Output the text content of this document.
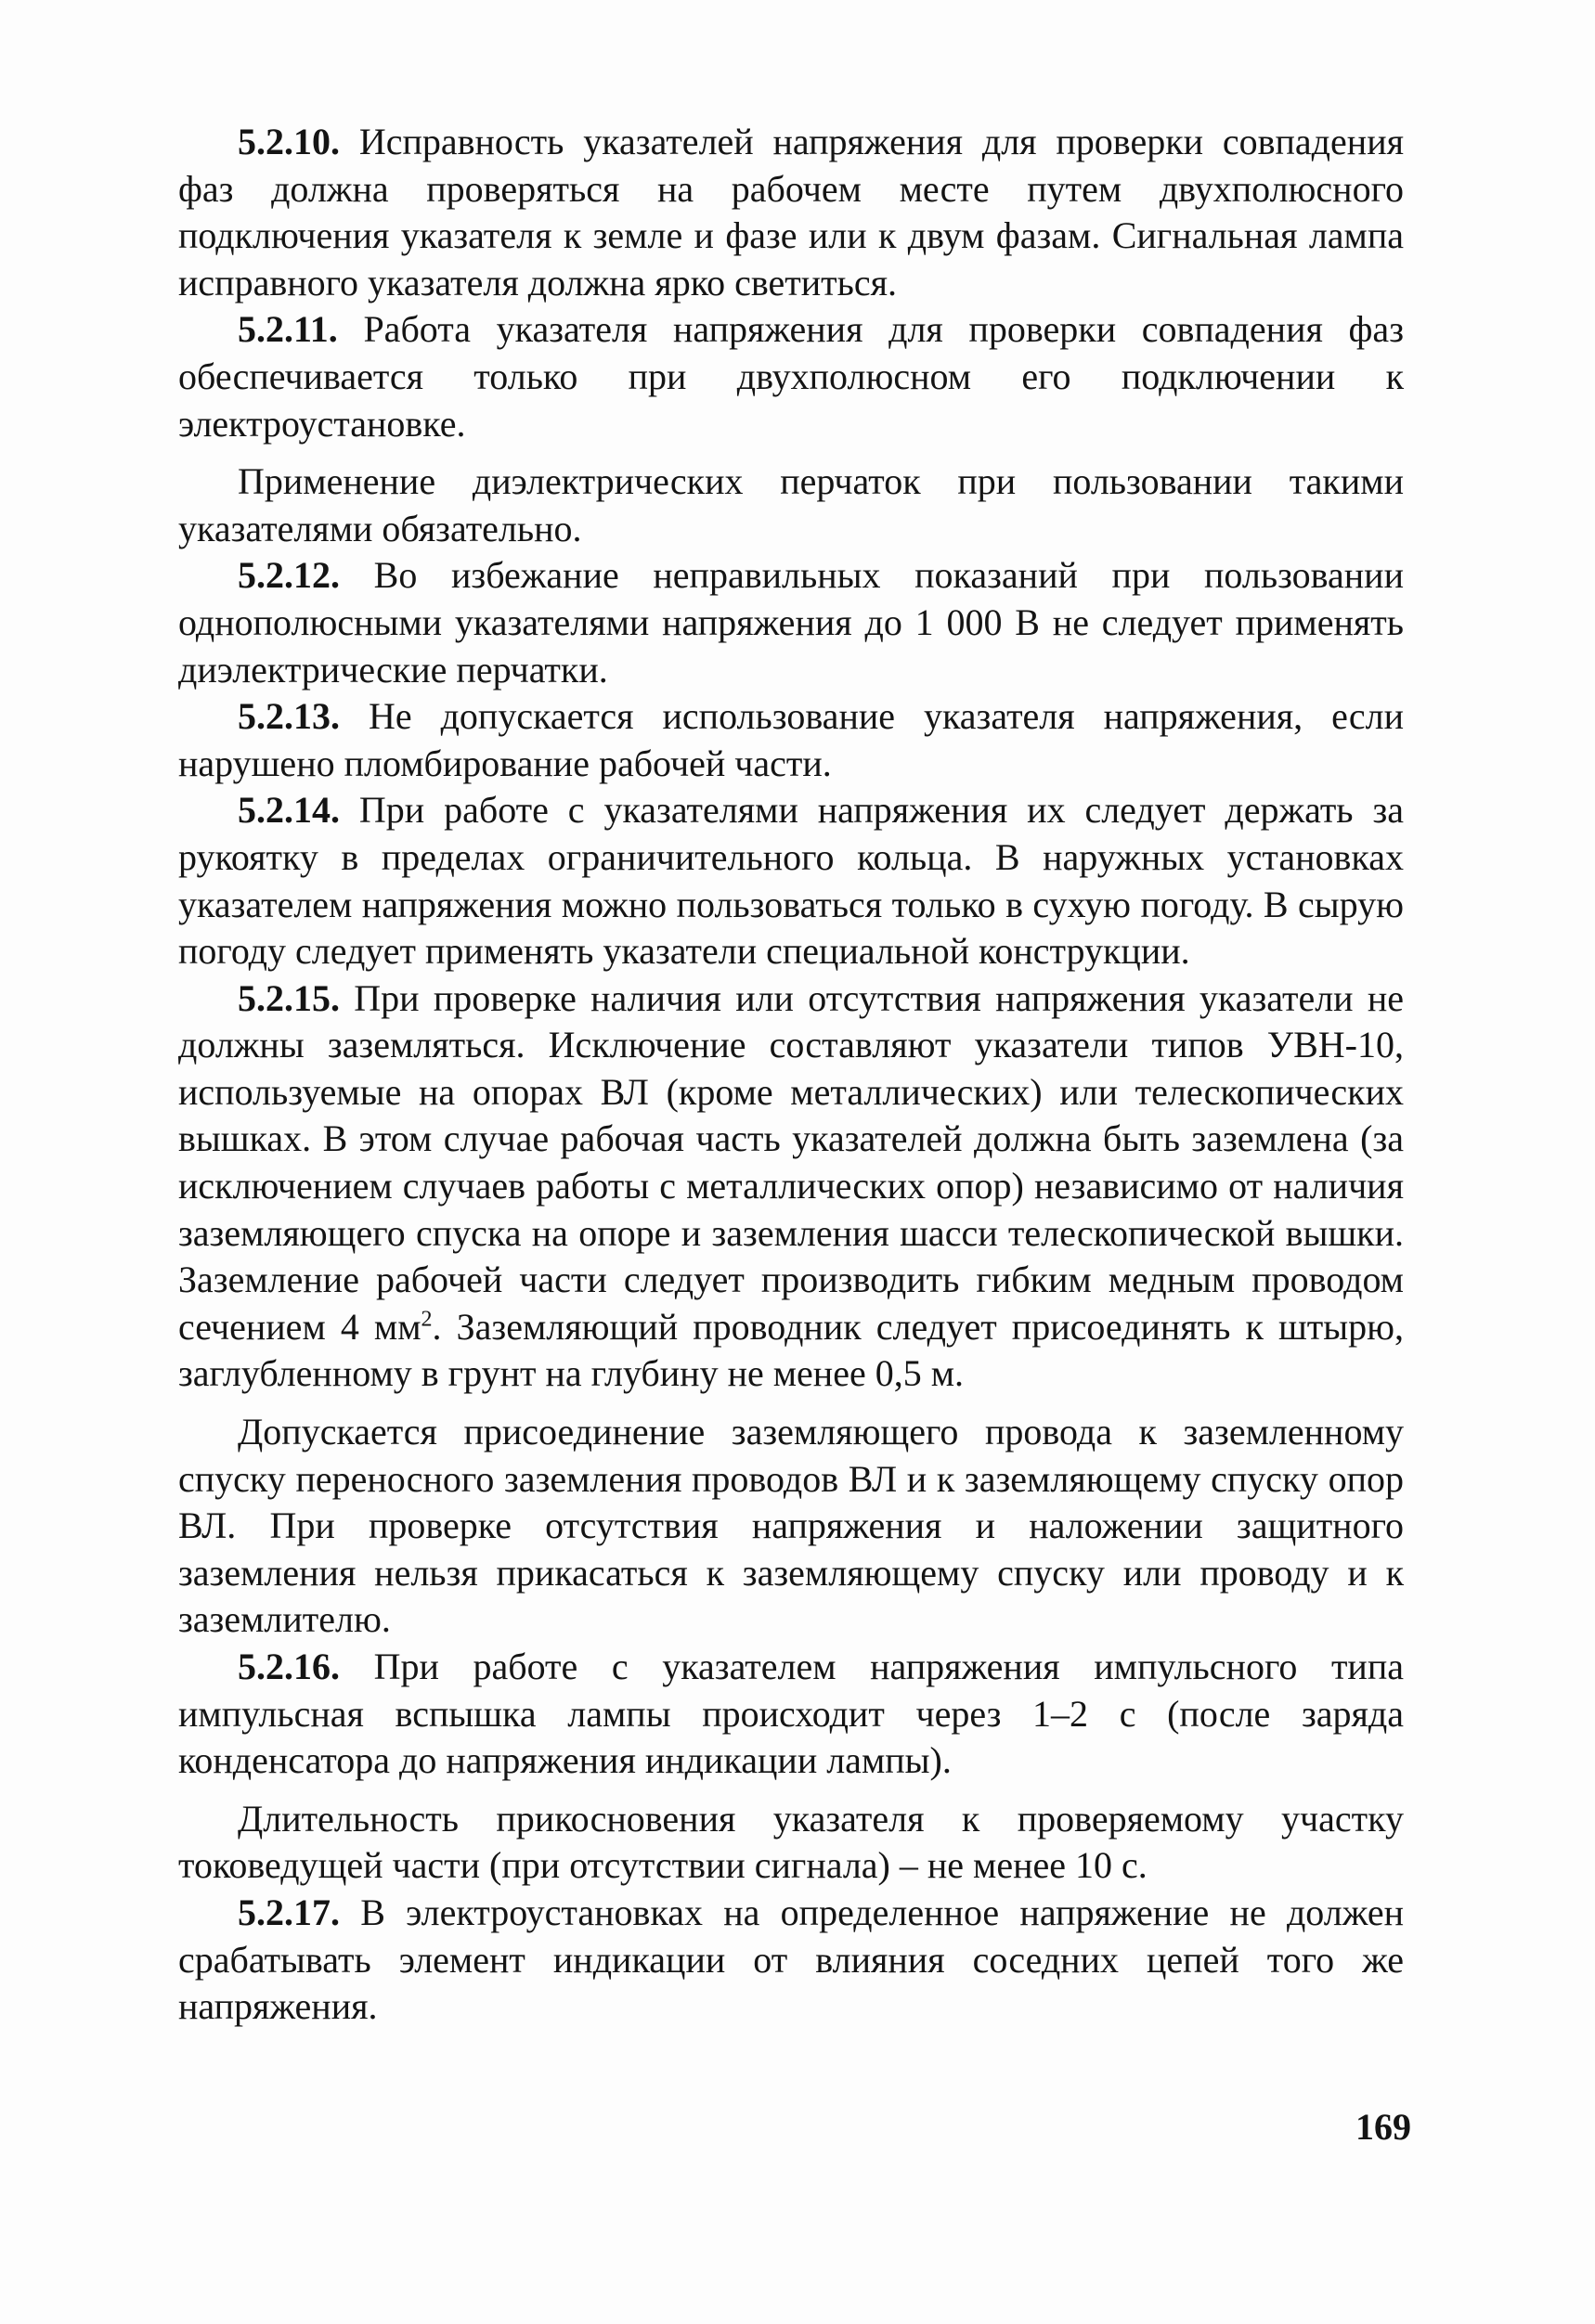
5.2.10. Исправность указателей напряжения для проверки совпадения фаз должна проверяться на рабочем месте путем двухполюсного подключения указателя к земле и фазе или к двум фазам. Сигнальная лампа исправного указателя должна ярко светиться.

5.2.11. Работа указателя напряжения для проверки совпадения фаз обеспечивается только при двухполюсном его подключении к электроустановке.

Применение диэлектрических перчаток при пользовании такими указателями обязательно.

5.2.12. Во избежание неправильных показаний при пользовании однополюсными указателями напряжения до 1 000 В не следует применять диэлектрические перчатки.

5.2.13. Не допускается использование указателя напряжения, если нарушено пломбирование рабочей части.

5.2.14. При работе с указателями напряжения их следует держать за рукоятку в пределах ограничительного кольца. В наружных установках указателем напряжения можно пользоваться только в сухую погоду. В сырую погоду следует применять указатели специальной конструкции.

5.2.15. При проверке наличия или отсутствия напряжения указатели не должны заземляться. Исключение составляют указатели типов УВН-10, используемые на опорах ВЛ (кроме металлических) или телескопических вышках. В этом случае рабочая часть указателей должна быть заземлена (за исключением случаев работы с металлических опор) независимо от наличия заземляющего спуска на опоре и заземления шасси телескопической вышки. Заземление рабочей части следует производить гибким медным проводом сечением 4 $мм^2$. Заземляющий проводник следует присоединять к штырю, заглубленному в грунт на глубину не менее 0,5 м.

Допускается присоединение заземляющего провода к заземленному спуску переносного заземления проводов ВЛ и к заземляющему спуску опор ВЛ. При проверке отсутствия напряжения и наложении защитного заземления нельзя прикасаться к заземляющему спуску или проводу и к заземлителю.

5.2.16. При работе с указателем напряжения импульсного типа импульсная вспышка лампы происходит через 1–2 с (после заряда конденсатора до напряжения индикации лампы).

Длительность прикосновения указателя к проверяемому участку токоведущей части (при отсутствии сигнала) – не менее 10 с.

5.2.17. В электроустановках на определенное напряжение не должен срабатывать элемент индикации от влияния соседних цепей того же напряжения.

169
